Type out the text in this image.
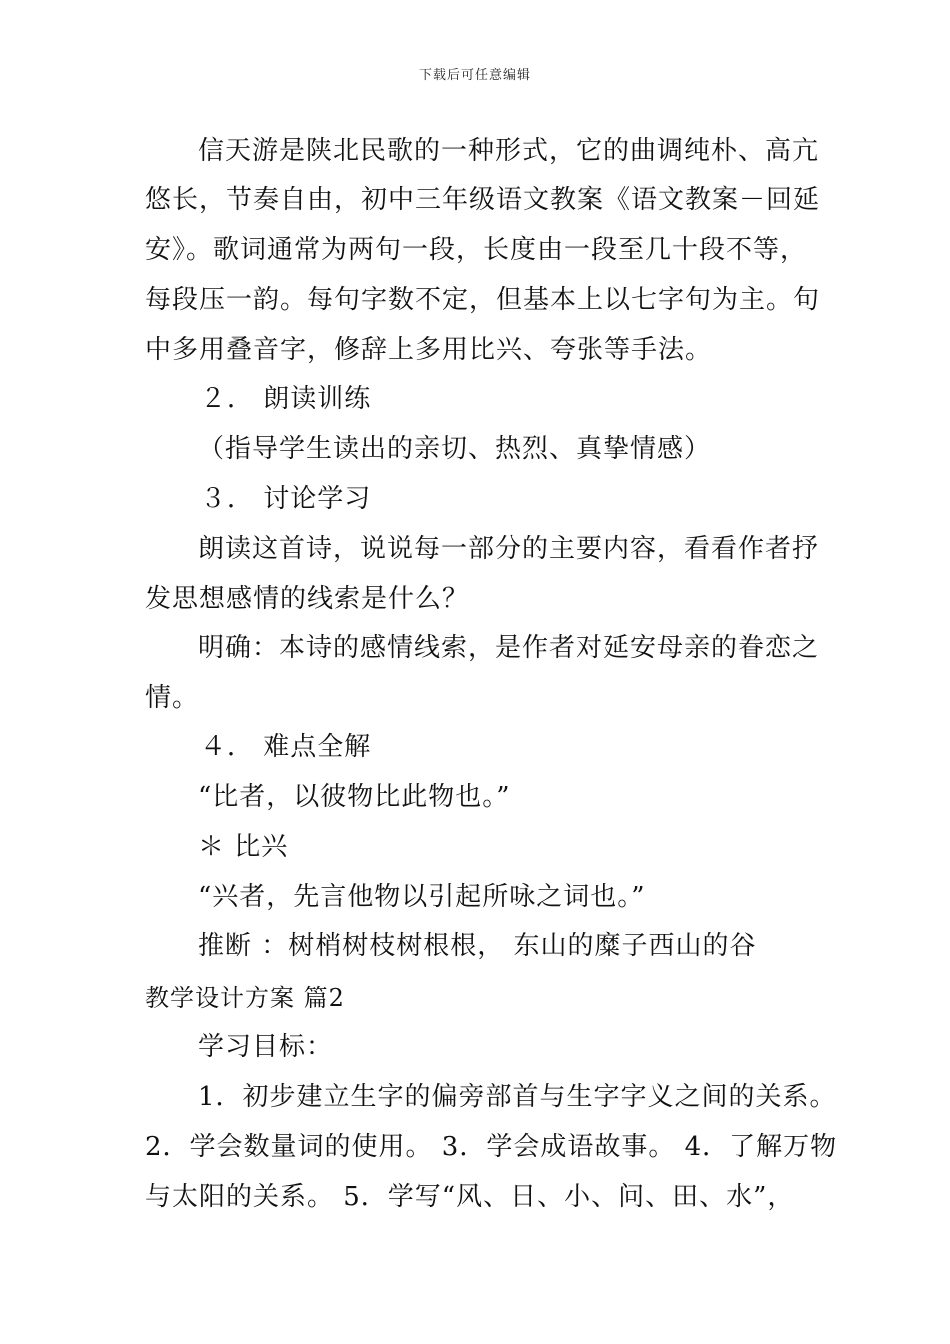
下载后可任意编辑
信天游是陕北民歌的一种形式，它的曲调纯朴、高亢
悠长，节奏自由，初中三年级语文教案《语文教案－回延
安》。歌词通常为两句一段，长度由一段至几十段不等，
每段压一韵。每句字数不定，但基本上以七字句为主。句
中多用叠音字，修辞上多用比兴、夸张等手法。
２． 朗读训练
（指导学生读出的亲切、热烈、真挚情感）
３． 讨论学习
朗读这首诗，说说每一部分的主要内容，看看作者抒
发思想感情的线索是什么？
明确：本诗的感情线索，是作者对延安母亲的眷恋之
情。
４． 难点全解
“比者，以彼物比此物也。”
＊ 比兴
“兴者，先言他物以引起所咏之词也。”
推断 ：树梢树枝树根根， 东山的糜子西山的谷
教学设计方案 篇2
学习目标：
1．初步建立生字的偏旁部首与生字字义之间的关系。
2．学会数量词的使用。 3．学会成语故事。 4．了解万物
与太阳的关系。 5．学写“风、日、小、问、田、水”，
